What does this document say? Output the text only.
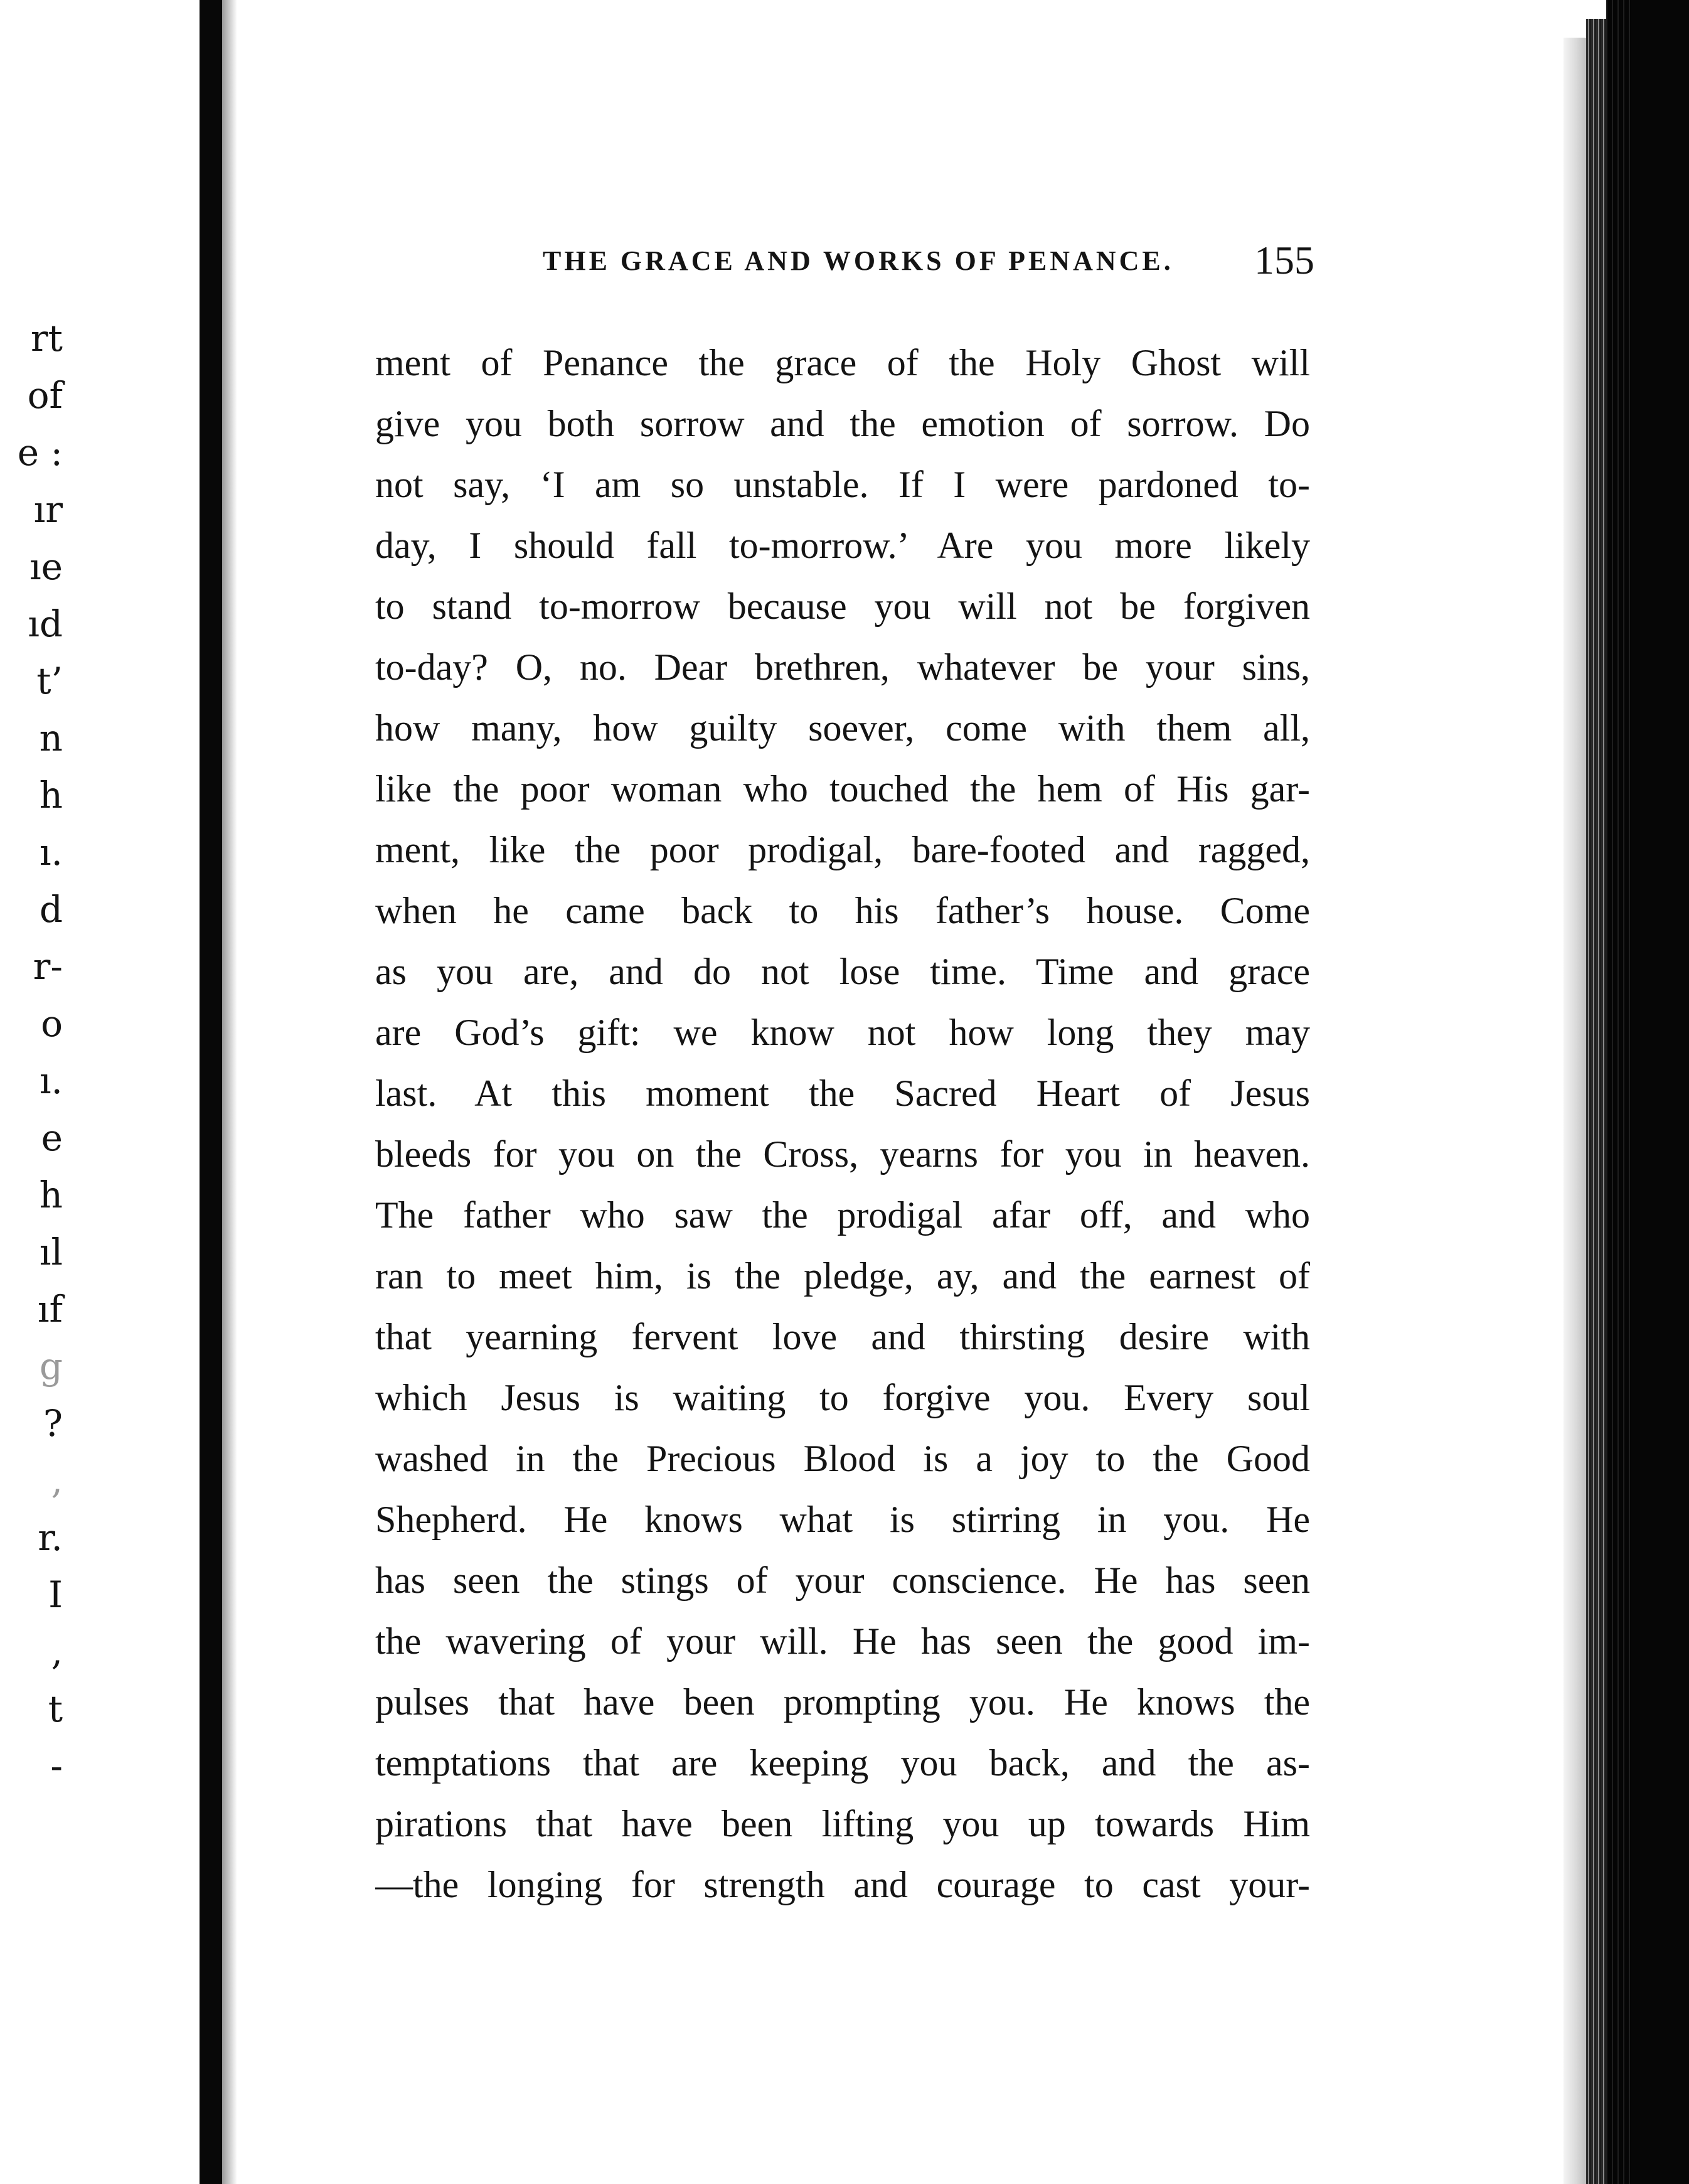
rt
of
e :
ır
ıe
ıd
t’
n
h
ı.
d
r-
o
ı.
e
h
ıl
ıf
g
?
,
r.
I
,
t
-
THE GRACE AND WORKS OF PENANCE. 155
ment of Penance the grace of the Holy Ghost will
give you both sorrow and the emotion of sorrow. Do
not say, ‘I am so unstable. If I were pardoned to-
day, I should fall to-morrow.’ Are you more likely
to stand to-morrow because you will not be forgiven
to-day? O, no. Dear brethren, whatever be your sins,
how many, how guilty soever, come with them all,
like the poor woman who touched the hem of His gar-
ment, like the poor prodigal, bare-footed and ragged,
when he came back to his father’s house. Come
as you are, and do not lose time. Time and grace
are God’s gift: we know not how long they may
last. At this moment the Sacred Heart of Jesus
bleeds for you on the Cross, yearns for you in heaven.
The father who saw the prodigal afar off, and who
ran to meet him, is the pledge, ay, and the earnest of
that yearning fervent love and thirsting desire with
which Jesus is waiting to forgive you. Every soul
washed in the Precious Blood is a joy to the Good
Shepherd. He knows what is stirring in you. He
has seen the stings of your conscience. He has seen
the wavering of your will. He has seen the good im-
pulses that have been prompting you. He knows the
temptations that are keeping you back, and the as-
pirations that have been lifting you up towards Him
—the longing for strength and courage to cast your-
